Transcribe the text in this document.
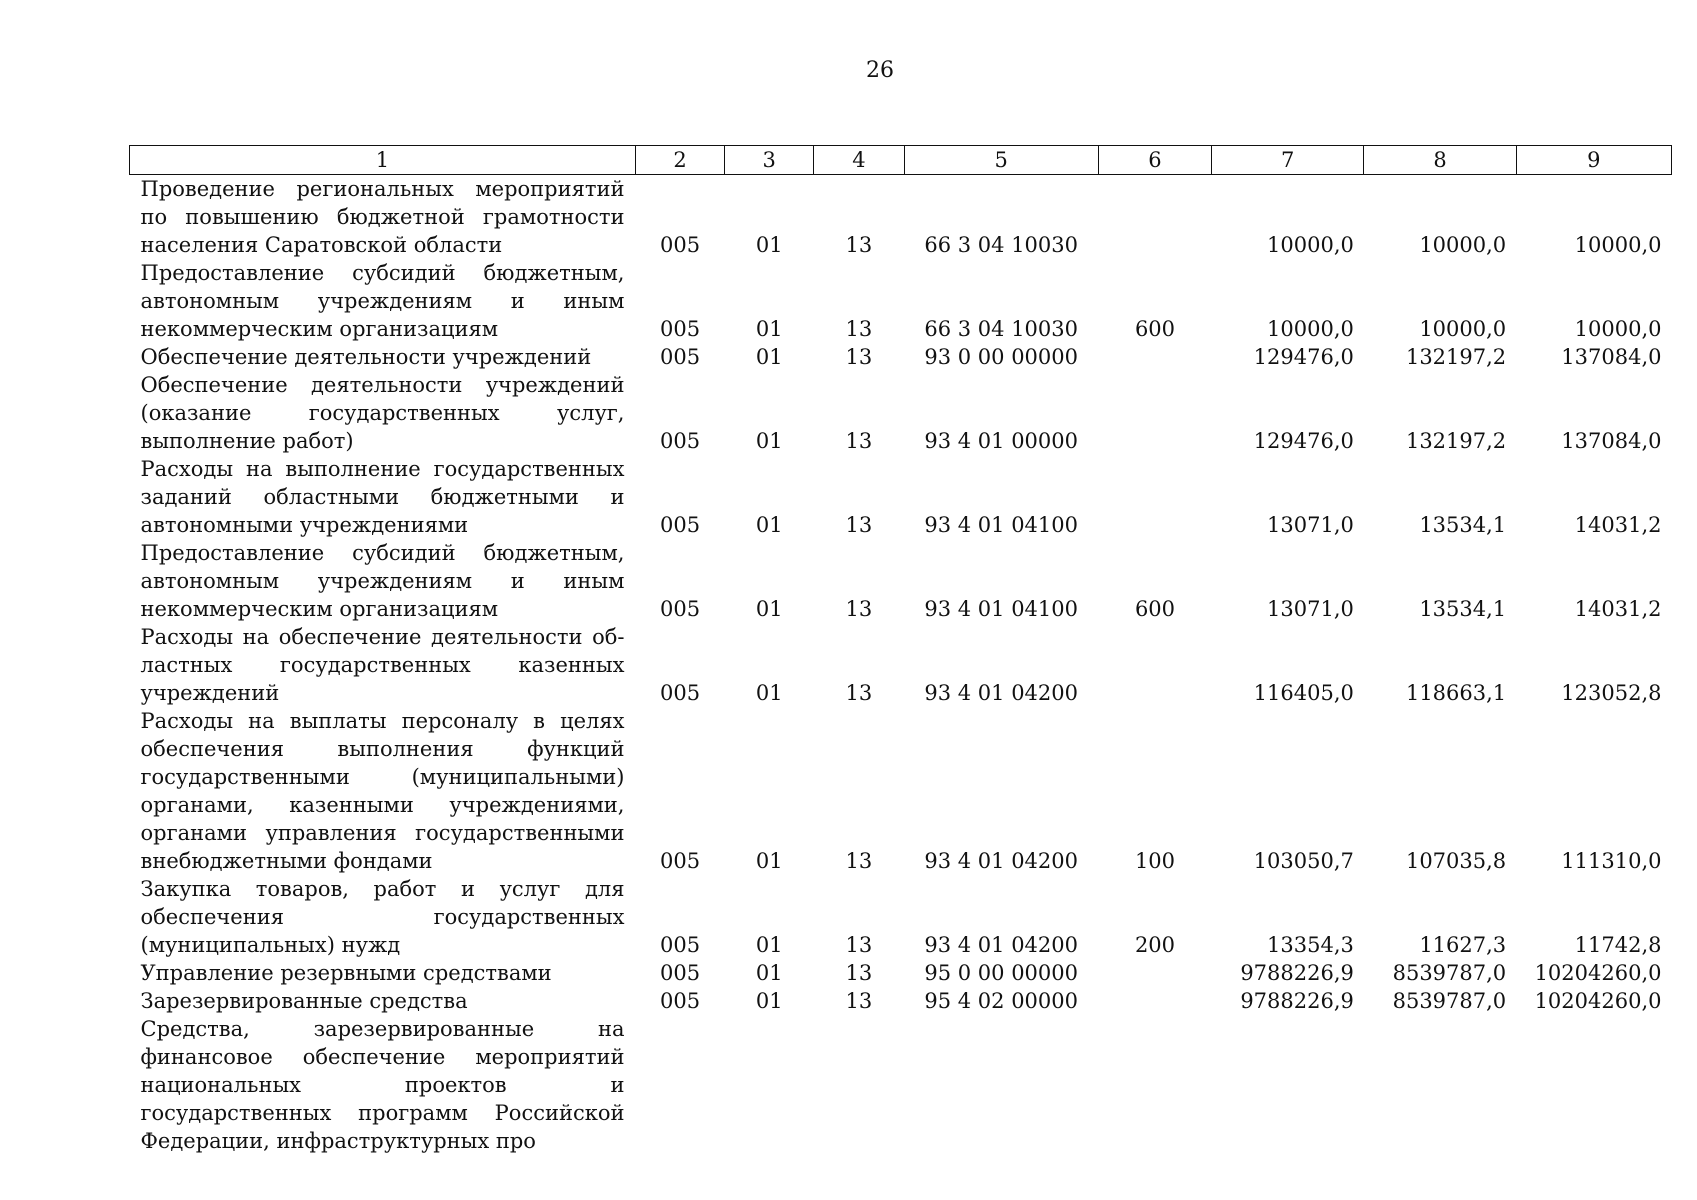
26
1	2	3	4	5	6	7	8	9
Проведение региональных мероприятий по повышению бюджетной грамотности населения Саратовской области	005	01	13	66 3 04 10030		10000,0	10000,0	10000,0
Предоставление субсидий бюджетным, автономным учреждениям и иным некоммерческим организациям	005	01	13	66 3 04 10030	600	10000,0	10000,0	10000,0
Обеспечение деятельности учреждений	005	01	13	93 0 00 00000		129476,0	132197,2	137084,0
Обеспечение деятельности учреждений (оказание государственных услуг, выполнение работ)	005	01	13	93 4 01 00000		129476,0	132197,2	137084,0
Расходы на выполнение государственных заданий областными бюджетными и автономными учреждениями	005	01	13	93 4 01 04100		13071,0	13534,1	14031,2
Предоставление субсидий бюджетным, автономным учреждениям и иным некоммерческим организациям	005	01	13	93 4 01 04100	600	13071,0	13534,1	14031,2
Расходы на обеспечение деятельности областных государственных казенных учреждений	005	01	13	93 4 01 04200		116405,0	118663,1	123052,8
Расходы на выплаты персоналу в целях обеспечения выполнения функций государственными (муниципальными) органами, казенными учреждениями, органами управления государственными внебюджетными фондами	005	01	13	93 4 01 04200	100	103050,7	107035,8	111310,0
Закупка товаров, работ и услуг для обеспечения государственных (муниципальных) нужд	005	01	13	93 4 01 04200	200	13354,3	11627,3	11742,8
Управление резервными средствами	005	01	13	95 0 00 00000		9788226,9	8539787,0	10204260,0
Зарезервированные средства	005	01	13	95 4 02 00000		9788226,9	8539787,0	10204260,0
Средства, зарезервированные на финансовое обеспечение мероприятий национальных проектов и государственных программ Российской Федерации, инфраструктурных про								
